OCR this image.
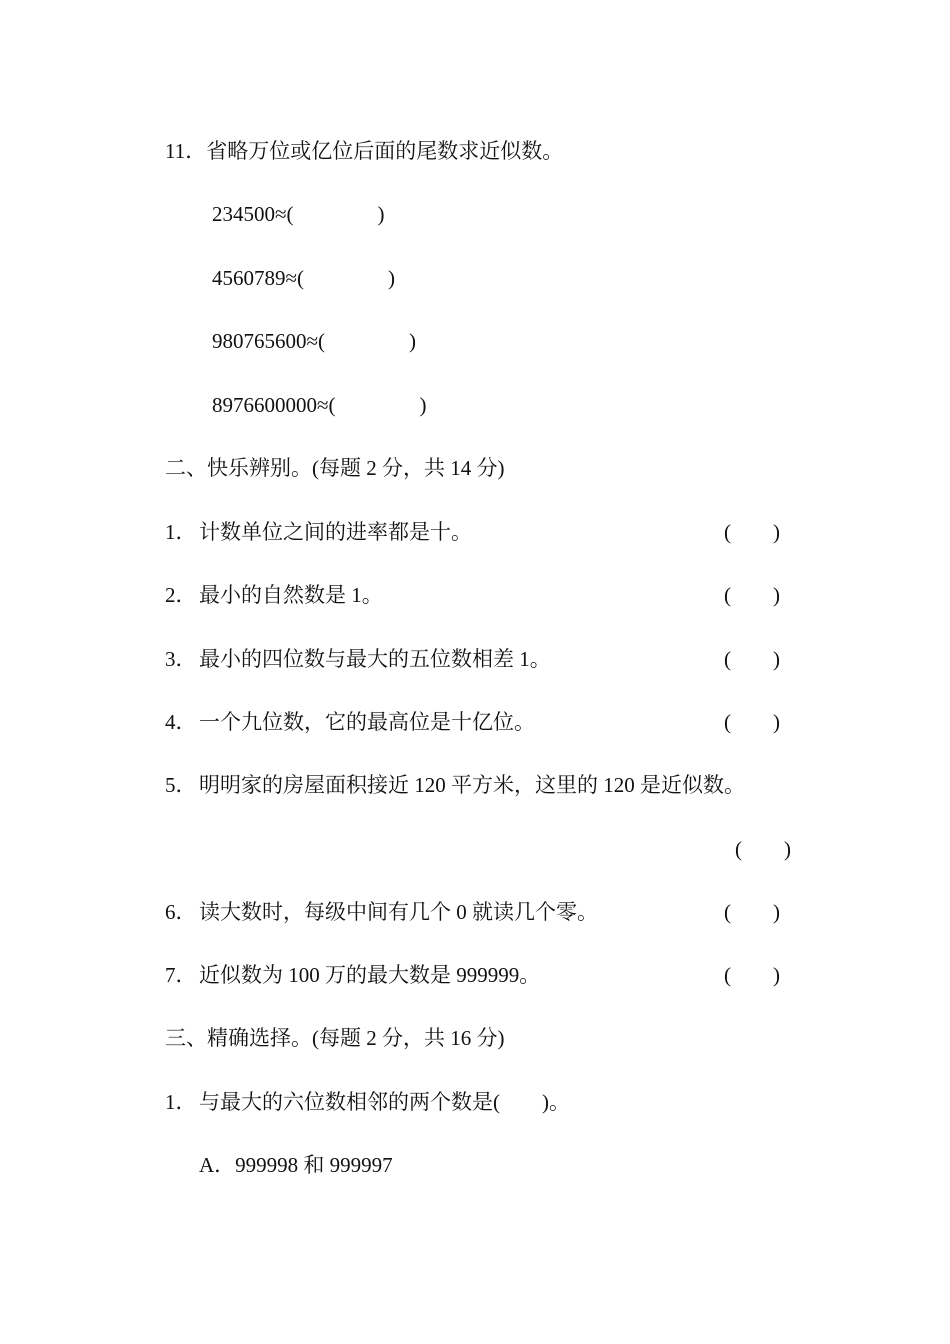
11．省略万位或亿位后面的尾数求近似数。
234500≈(　　　　)
4560789≈(　　　　)
980765600≈(　　　　)
8976600000≈(　　　　)
二、快乐辨别。(每题 2 分，共 14 分)
1． 计数单位之间的进率都是十。	(　　)
2． 最小的自然数是 1。	(　　)
3． 最小的四位数与最大的五位数相差 1。	(　　)
4． 一个九位数，它的最高位是十亿位。	(　　)
5． 明明家的房屋面积接近 120 平方米，这里的 120 是近似数。
(　　)
6． 读大数时，每级中间有几个 0 就读几个零。	(　　)
7． 近似数为 100 万的最大数是 999999。	(　　)
三、精确选择。(每题 2 分，共 16 分)
1． 与最大的六位数相邻的两个数是(　　)。
A．999998 和 999997
